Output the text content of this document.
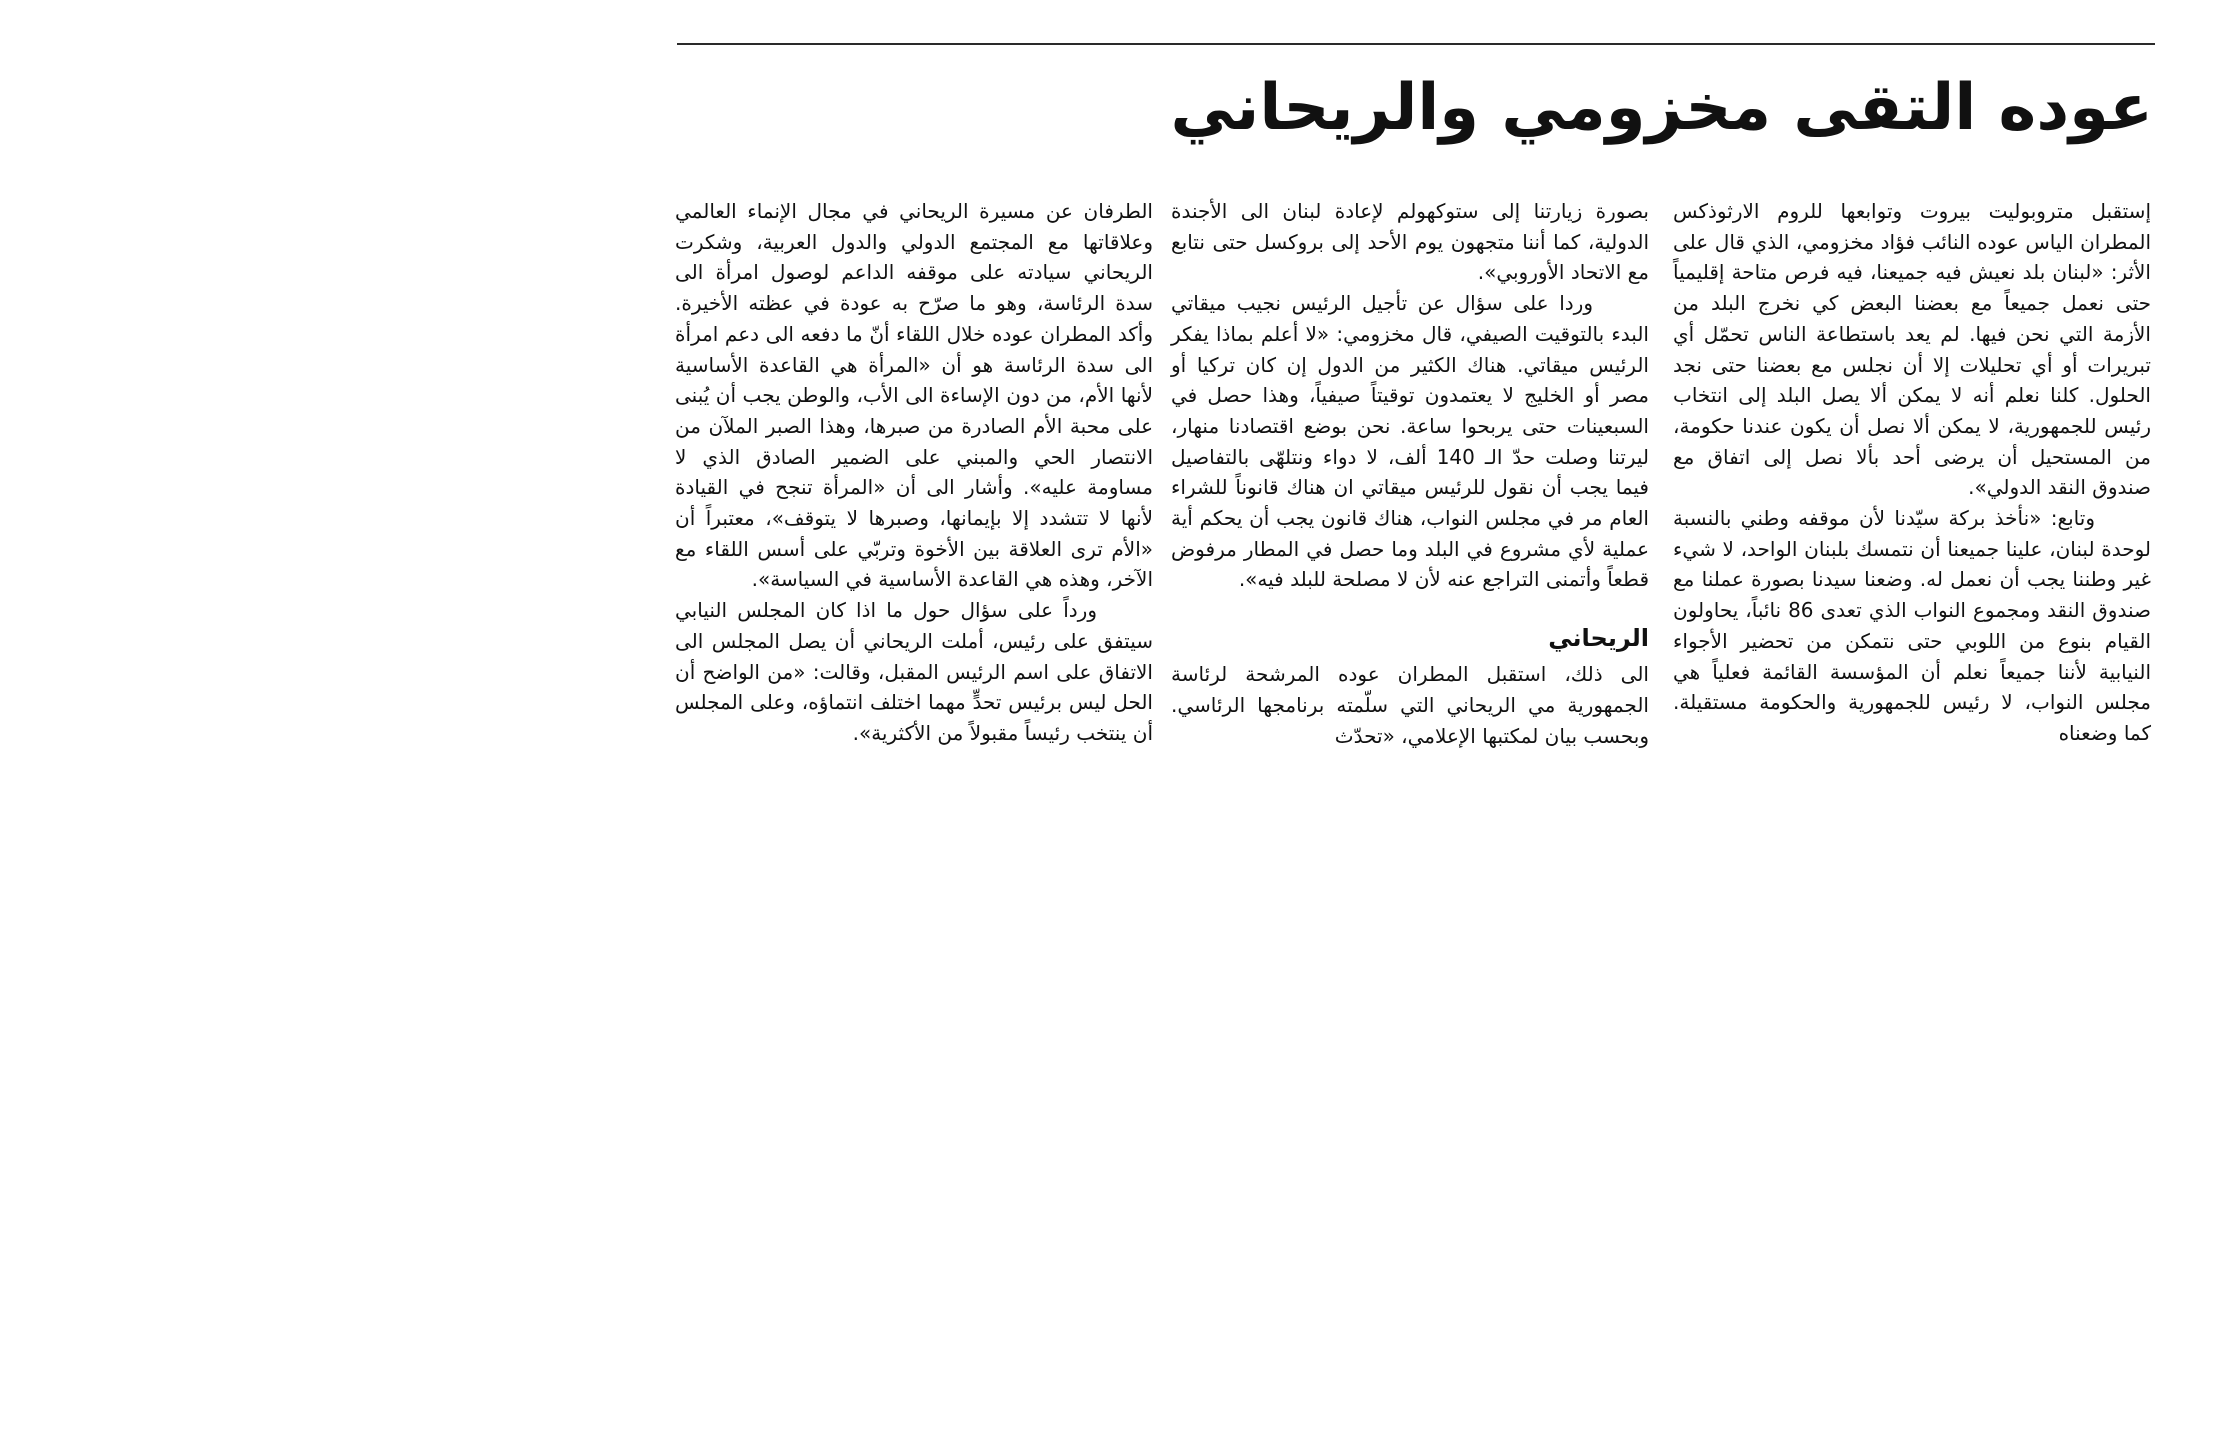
عوده التقى مخزومي والريحاني

إستقبل متروبوليت بيروت وتوابعها للروم الارثوذكس المطران الياس عوده النائب فؤاد مخزومي، الذي قال على الأثر: «لبنان بلد نعيش فيه جميعنا، فيه فرص متاحة إقليمياً حتى نعمل جميعاً مع بعضنا البعض كي نخرج البلد من الأزمة التي نحن فيها. لم يعد باستطاعة الناس تحمّل أي تبريرات أو أي تحليلات إلا أن نجلس مع بعضنا حتى نجد الحلول. كلنا نعلم أنه لا يمكن ألا يصل البلد إلى انتخاب رئيس للجمهورية، لا يمكن ألا نصل أن يكون عندنا حكومة، من المستحيل أن يرضى أحد بألا نصل إلى اتفاق مع صندوق النقد الدولي».

وتابع: «نأخذ بركة سيّدنا لأن موقفه وطني بالنسبة لوحدة لبنان، علينا جميعنا أن نتمسك بلبنان الواحد، لا شيء غير وطننا يجب أن نعمل له. وضعنا سيدنا بصورة عملنا مع صندوق النقد ومجموع النواب الذي تعدى 86 نائباً، يحاولون القيام بنوع من اللوبي حتى نتمكن من تحضير الأجواء النيابية لأننا جميعاً نعلم أن المؤسسة القائمة فعلياً هي مجلس النواب، لا رئيس للجمهورية والحكومة مستقيلة. كما وضعناه

بصورة زيارتنا إلى ستوكهولم لإعادة لبنان الى الأجندة الدولية، كما أننا متجهون يوم الأحد إلى بروكسل حتى نتابع مع الاتحاد الأوروبي».

وردا على سؤال عن تأجيل الرئيس نجيب ميقاتي البدء بالتوقيت الصيفي، قال مخزومي: «لا أعلم بماذا يفكر الرئيس ميقاتي. هناك الكثير من الدول إن كان تركيا أو مصر أو الخليج لا يعتمدون توقيتاً صيفياً، وهذا حصل في السبعينات حتى يربحوا ساعة. نحن بوضع اقتصادنا منهار، ليرتنا وصلت حدّ الـ 140 ألف، لا دواء ونتلهّى بالتفاصيل فيما يجب أن نقول للرئيس ميقاتي ان هناك قانوناً للشراء العام مر في مجلس النواب، هناك قانون يجب أن يحكم أية عملية لأي مشروع في البلد وما حصل في المطار مرفوض قطعاً وأتمنى التراجع عنه لأن لا مصلحة للبلد فيه».

الريحاني

الى ذلك، استقبل المطران عوده المرشحة لرئاسة الجمهورية مي الريحاني التي سلّمته برنامجها الرئاسي. وبحسب بيان لمكتبها الإعلامي، «تحدّث

الطرفان عن مسيرة الريحاني في مجال الإنماء العالمي وعلاقاتها مع المجتمع الدولي والدول العربية، وشكرت الريحاني سيادته على موقفه الداعم لوصول امرأة الى سدة الرئاسة، وهو ما صرّح به عودة في عظته الأخيرة. وأكد المطران عوده خلال اللقاء أنّ ما دفعه الى دعم امرأة الى سدة الرئاسة هو أن «المرأة هي القاعدة الأساسية لأنها الأم، من دون الإساءة الى الأب، والوطن يجب أن يُبنى على محبة الأم الصادرة من صبرها، وهذا الصبر الملآن من الانتصار الحي والمبني على الضمير الصادق الذي لا مساومة عليه». وأشار الى أن «المرأة تنجح في القيادة لأنها لا تتشدد إلا بإيمانها، وصبرها لا يتوقف»، معتبراً أن «الأم ترى العلاقة بين الأخوة وتربّي على أسس اللقاء مع الآخر، وهذه هي القاعدة الأساسية في السياسة».

ورداً على سؤال حول ما اذا كان المجلس النيابي سيتفق على رئيس، أملت الريحاني أن يصل المجلس الى الاتفاق على اسم الرئيس المقبل، وقالت: «من الواضح أن الحل ليس برئيس تحدٍّ مهما اختلف انتماؤه، وعلى المجلس أن ينتخب رئيساً مقبولاً من الأكثرية».
